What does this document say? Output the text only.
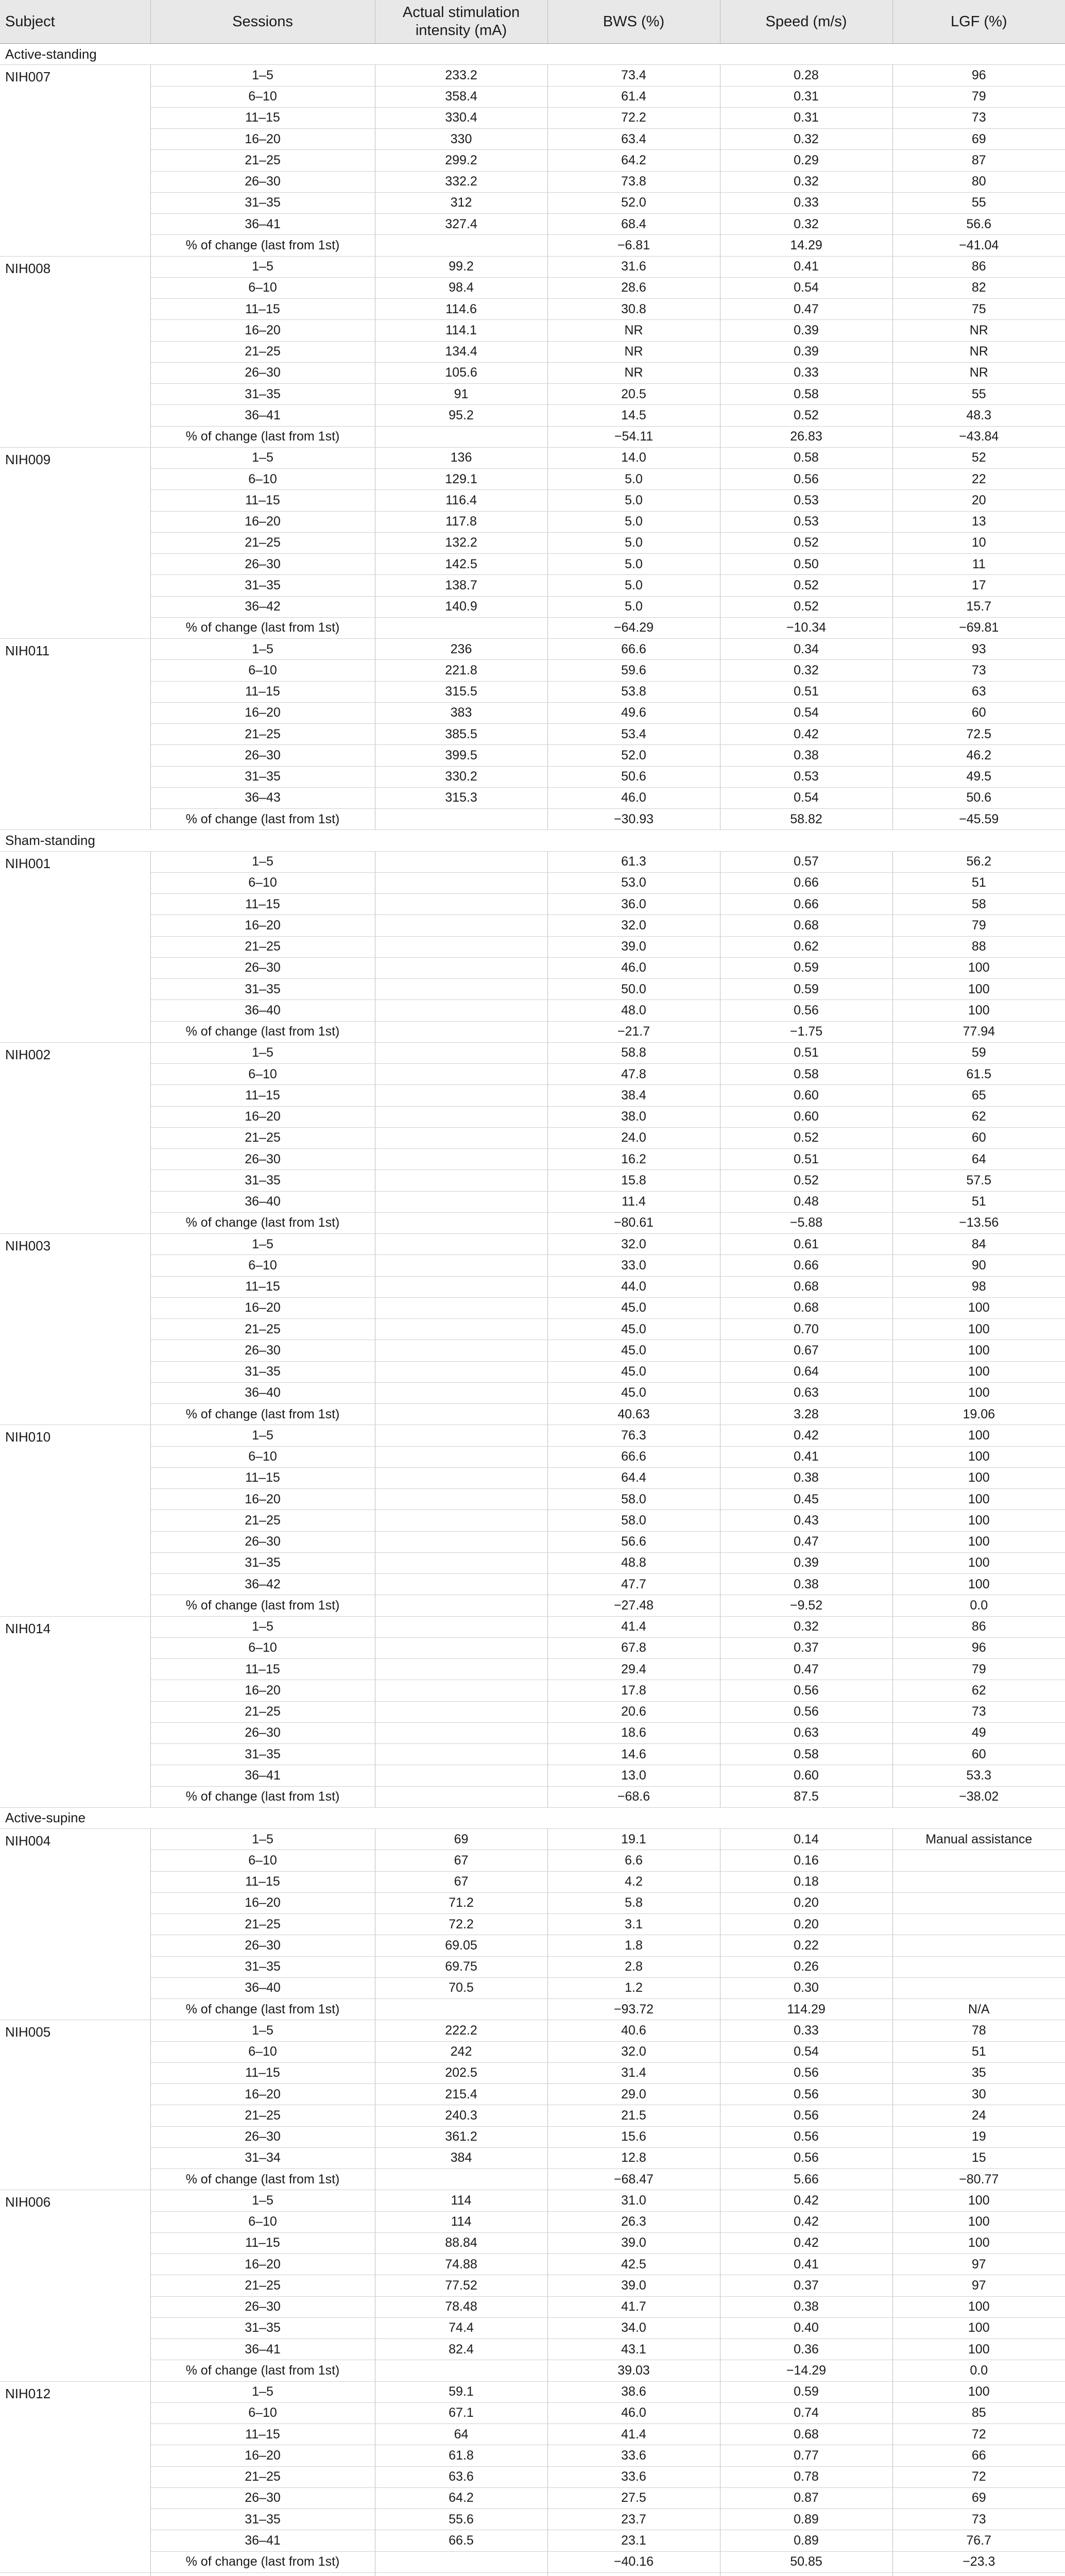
Subject	Sessions	Actual stimulation intensity (mA)	BWS (%)	Speed (m/s)	LGF (%)
Active-standing					
NIH007	1–5	233.2	73.4	0.28	96
	6–10	358.4	61.4	0.31	79
	11–15	330.4	72.2	0.31	73
	16–20	330	63.4	0.32	69
	21–25	299.2	64.2	0.29	87
	26–30	332.2	73.8	0.32	80
	31–35	312	52.0	0.33	55
	36–41	327.4	68.4	0.32	56.6
	% of change (last from 1st)		−6.81	14.29	−41.04
NIH008	1–5	99.2	31.6	0.41	86
	6–10	98.4	28.6	0.54	82
	11–15	114.6	30.8	0.47	75
	16–20	114.1	NR	0.39	NR
	21–25	134.4	NR	0.39	NR
	26–30	105.6	NR	0.33	NR
	31–35	91	20.5	0.58	55
	36–41	95.2	14.5	0.52	48.3
	% of change (last from 1st)		−54.11	26.83	−43.84
NIH009	1–5	136	14.0	0.58	52
	6–10	129.1	5.0	0.56	22
	11–15	116.4	5.0	0.53	20
	16–20	117.8	5.0	0.53	13
	21–25	132.2	5.0	0.52	10
	26–30	142.5	5.0	0.50	11
	31–35	138.7	5.0	0.52	17
	36–42	140.9	5.0	0.52	15.7
	% of change (last from 1st)		−64.29	−10.34	−69.81
NIH011	1–5	236	66.6	0.34	93
	6–10	221.8	59.6	0.32	73
	11–15	315.5	53.8	0.51	63
	16–20	383	49.6	0.54	60
	21–25	385.5	53.4	0.42	72.5
	26–30	399.5	52.0	0.38	46.2
	31–35	330.2	50.6	0.53	49.5
	36–43	315.3	46.0	0.54	50.6
	% of change (last from 1st)		−30.93	58.82	−45.59
Sham-standing					
NIH001	1–5		61.3	0.57	56.2
	6–10		53.0	0.66	51
	11–15		36.0	0.66	58
	16–20		32.0	0.68	79
	21–25		39.0	0.62	88
	26–30		46.0	0.59	100
	31–35		50.0	0.59	100
	36–40		48.0	0.56	100
	% of change (last from 1st)		−21.7	−1.75	77.94
NIH002	1–5		58.8	0.51	59
	6–10		47.8	0.58	61.5
	11–15		38.4	0.60	65
	16–20		38.0	0.60	62
	21–25		24.0	0.52	60
	26–30		16.2	0.51	64
	31–35		15.8	0.52	57.5
	36–40		11.4	0.48	51
	% of change (last from 1st)		−80.61	−5.88	−13.56
NIH003	1–5		32.0	0.61	84
	6–10		33.0	0.66	90
	11–15		44.0	0.68	98
	16–20		45.0	0.68	100
	21–25		45.0	0.70	100
	26–30		45.0	0.67	100
	31–35		45.0	0.64	100
	36–40		45.0	0.63	100
	% of change (last from 1st)		40.63	3.28	19.06
NIH010	1–5		76.3	0.42	100
	6–10		66.6	0.41	100
	11–15		64.4	0.38	100
	16–20		58.0	0.45	100
	21–25		58.0	0.43	100
	26–30		56.6	0.47	100
	31–35		48.8	0.39	100
	36–42		47.7	0.38	100
	% of change (last from 1st)		−27.48	−9.52	0.0
NIH014	1–5		41.4	0.32	86
	6–10		67.8	0.37	96
	11–15		29.4	0.47	79
	16–20		17.8	0.56	62
	21–25		20.6	0.56	73
	26–30		18.6	0.63	49
	31–35		14.6	0.58	60
	36–41		13.0	0.60	53.3
	% of change (last from 1st)		−68.6	87.5	−38.02
Active-supine					
NIH004	1–5	69	19.1	0.14	Manual assistance
	6–10	67	6.6	0.16	
	11–15	67	4.2	0.18	
	16–20	71.2	5.8	0.20	
	21–25	72.2	3.1	0.20	
	26–30	69.05	1.8	0.22	
	31–35	69.75	2.8	0.26	
	36–40	70.5	1.2	0.30	
	% of change (last from 1st)		−93.72	114.29	N/A
NIH005	1–5	222.2	40.6	0.33	78
	6–10	242	32.0	0.54	51
	11–15	202.5	31.4	0.56	35
	16–20	215.4	29.0	0.56	30
	21–25	240.3	21.5	0.56	24
	26–30	361.2	15.6	0.56	19
	31–34	384	12.8	0.56	15
	% of change (last from 1st)		−68.47	5.66	−80.77
NIH006	1–5	114	31.0	0.42	100
	6–10	114	26.3	0.42	100
	11–15	88.84	39.0	0.42	100
	16–20	74.88	42.5	0.41	97
	21–25	77.52	39.0	0.37	97
	26–30	78.48	41.7	0.38	100
	31–35	74.4	34.0	0.40	100
	36–41	82.4	43.1	0.36	100
	% of change (last from 1st)		39.03	−14.29	0.0
NIH012	1–5	59.1	38.6	0.59	100
	6–10	67.1	46.0	0.74	85
	11–15	64	41.4	0.68	72
	16–20	61.8	33.6	0.77	66
	21–25	63.6	33.6	0.78	72
	26–30	64.2	27.5	0.87	69
	31–35	55.6	23.7	0.89	73
	36–41	66.5	23.1	0.89	76.7
	% of change (last from 1st)		−40.16	50.85	−23.3
